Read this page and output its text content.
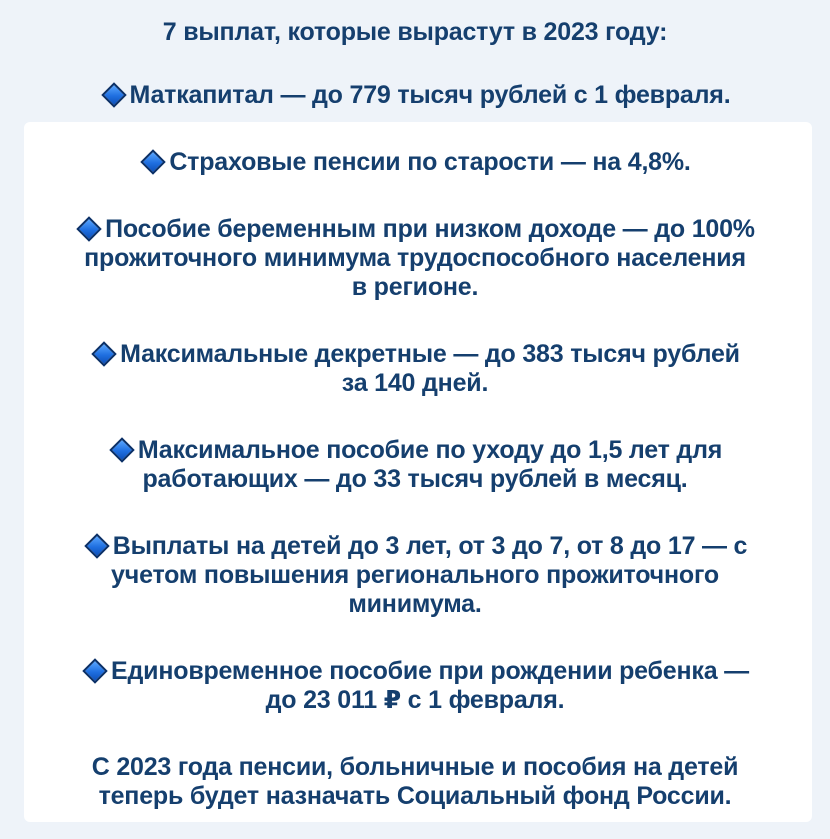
7 выплат, которые вырастут в 2023 году:

Маткапитал — до 779 тысяч рублей с 1 февраля.

Страховые пенсии по старости — на 4,8%.

Пособие беременным при низком доходе — до 100%
прожиточного минимума трудоспособного населения
в регионе.

Максимальные декретные — до 383 тысяч рублей
за 140 дней.

Максимальное пособие по уходу до 1,5 лет для
работающих — до 33 тысяч рублей в месяц.

Выплаты на детей до 3 лет, от 3 до 7, от 8 до 17 — с
учетом повышения регионального прожиточного
минимума.

Единовременное пособие при рождении ребенка —
до 23 011 ₽ с 1 февраля.

С 2023 года пенсии, больничные и пособия на детей
теперь будет назначать Социальный фонд России.
